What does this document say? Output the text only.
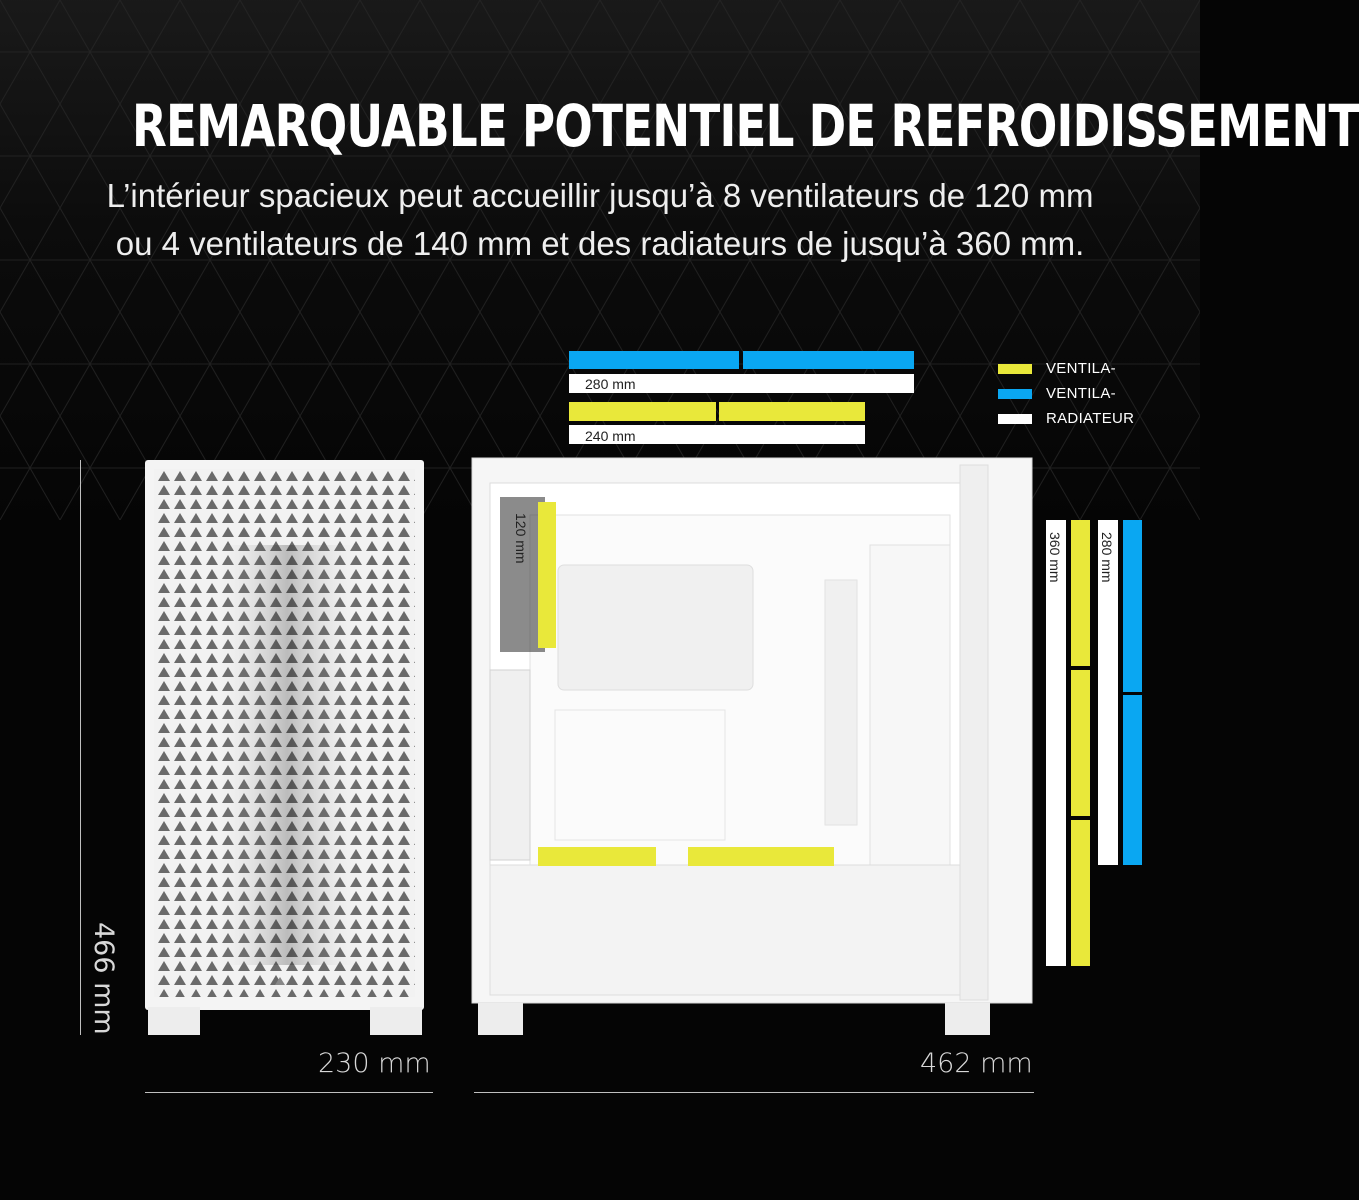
REMARQUABLE POTENTIEL DE REFROIDISSEMENT

L’intérieur spacieux peut accueillir jusqu’à 8 ventilateurs de 120 mm
ou 4 ventilateurs de 140 mm et des radiateurs de jusqu’à 360 mm.

VENTILA-
VENTILA-
RADIATEUR
280 mm
240 mm
120 mm	360 mm	280 mm
466 mm
230 mm	462 mm
